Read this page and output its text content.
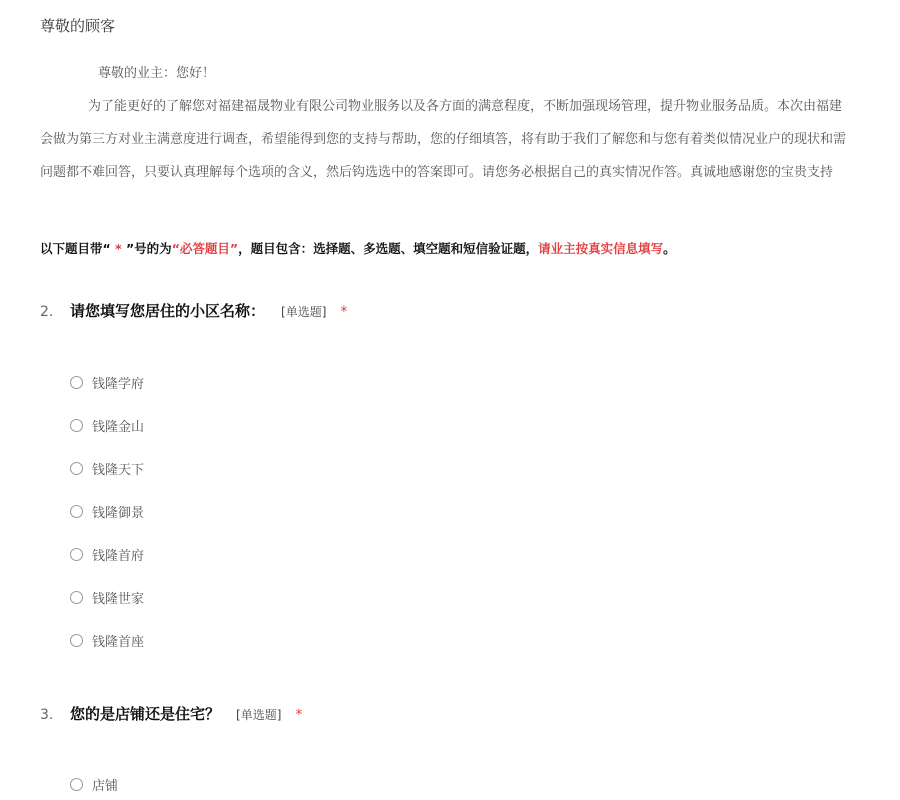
尊敬的顾客
尊敬的业主：您好！
为了能更好的了解您对福建福晟物业有限公司物业服务以及各方面的满意程度，不断加强现场管理，提升物业服务品质。本次由福建
会做为第三方对业主满意度进行调查，希望能得到您的支持与帮助，您的仔细填答，将有助于我们了解您和与您有着类似情况业户的现状和需
问题都不难回答，只要认真理解每个选项的含义，然后钩选选中的答案即可。请您务必根据自己的真实情况作答。真诚地感谢您的宝贵支持
以下题目带“ * ”号的为“必答题目”，题目包含：选择题、多选题、填空题和短信验证题，请业主按真实信息填写。
2.	请您填写您居住的小区名称： [单选题] *
钱隆学府
钱隆金山
钱隆天下
钱隆御景
钱隆首府
钱隆世家
钱隆首座
3.	您的是店铺还是住宅？ [单选题] *
店铺
